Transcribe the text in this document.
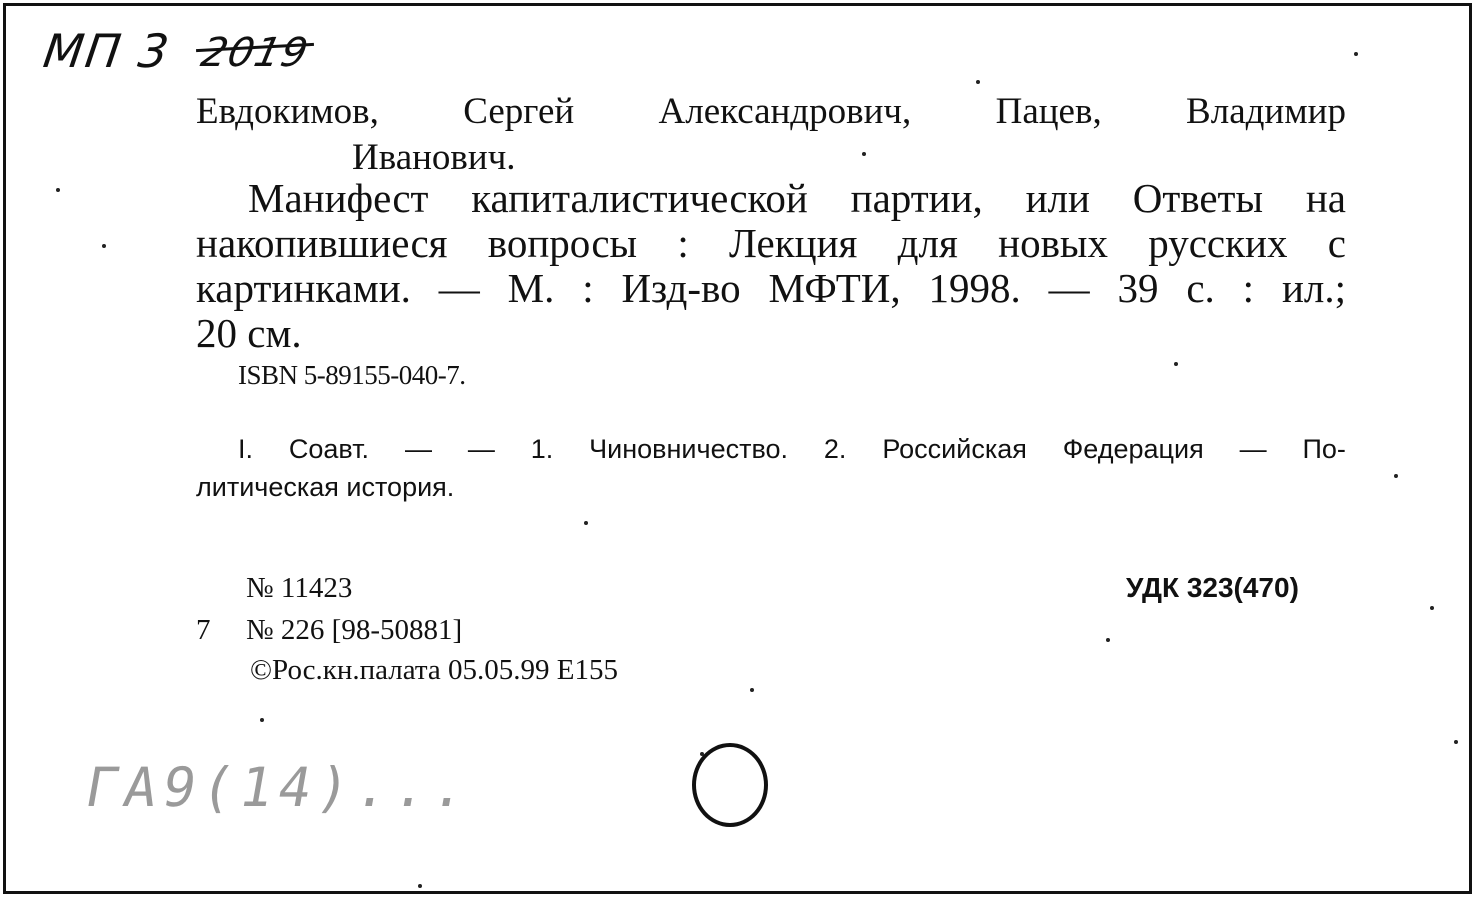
МП 3 2019
Евдокимов, Сергей Александрович, Пацев, Владимир
Иванович.
Манифест капиталистической партии, или Ответы на
накопившиеся вопросы : Лекция для новых русских с
картинками. — М. : Изд-во МФТИ, 1998. — 39 с. : ил.;
20 см.
ISBN 5-89155-040-7.
I. Соавт. — — 1. Чиновничество. 2. Российская Федерация — По-
литическая история.
№ 11423
7 № 226 [98-50881]
©Рос.кн.палата 05.05.99 Е155
УДК 323(470)
ГА9(14)...
